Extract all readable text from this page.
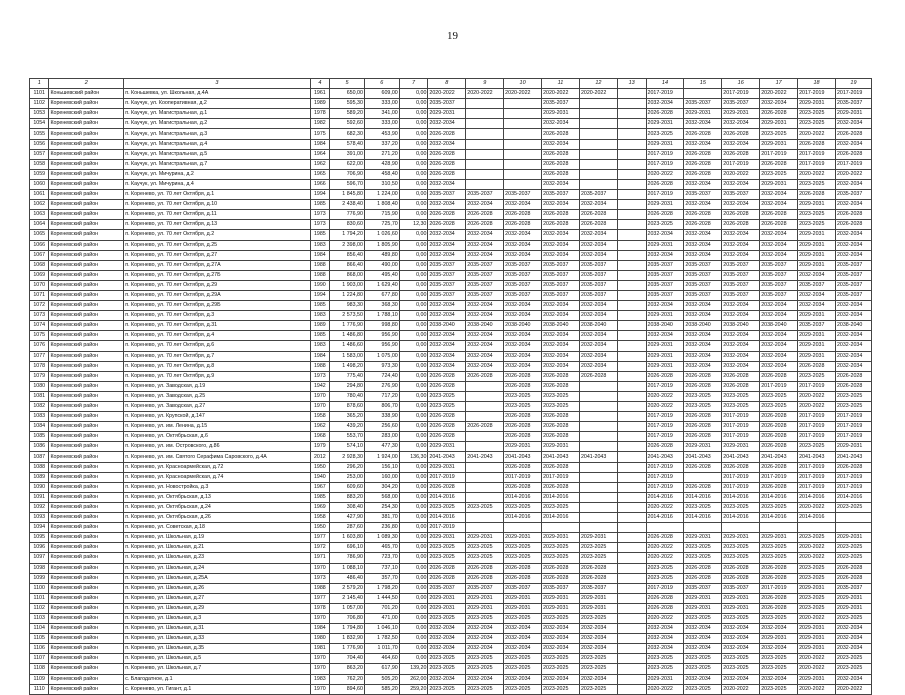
19
1	2	3	4	5	6	7	8	9	10	11	12	13	14	15	16	17	18	19
1101	Коньшевский район	п. Коньшевка, ул. Школьная, д.4А	1961	650,00	609,00	0,00	2020-2022	2020-2022	2020-2022	2020-2022	2020-2022		2017-2019		2017-2019	2020-2022	2017-2019	2017-2019
1102	Кореневский район	п. Каучук, ул. Кооперативная, д.2	1989	595,30	333,00	0,00	2035-2037			2035-2037			2032-2034	2035-2037	2035-2037	2032-2034	2029-2031	2035-2037
1053	Кореневский район	п. Каучук, ул. Магистральная, д.1	1978	589,20	341,00	0,00	2029-2031			2029-2031			2026-2028	2029-2031	2029-2031	2026-2028	2023-2025	2029-2031
1054	Кореневский район	п. Каучук, ул. Магистральная, д.2	1982	592,60	333,00	0,00	2032-2034			2032-2034			2029-2031	2032-2034	2032-2034	2029-2031	2023-2025	2032-2034
1055	Кореневский район	п. Каучук, ул. Магистральная, д.3	1975	682,30	453,90	0,00	2026-2028			2026-2028			2023-2025	2026-2028	2026-2028	2023-2025	2020-2022	2026-2028
1056	Кореневский район	п. Каучук, ул. Магистральная, д.4	1984	578,40	337,20	0,00	2032-2034			2032-2034			2029-2031	2032-2034	2032-2034	2029-2031	2026-2028	2032-2034
1057	Кореневский район	п. Каучук, ул. Магистральная, д.5	1964	391,00	271,20	0,00	2026-2028			2026-2028			2017-2019	2026-2028	2026-2028	2017-2019	2017-2019	2026-2028
1058	Кореневский район	п. Каучук, ул. Магистральная, д.7	1962	622,00	428,90	0,00	2026-2028			2026-2028			2017-2019	2026-2028	2017-2019	2026-2028	2017-2019	2017-2019
1059	Кореневский район	п. Каучук, ул. Мичурина, д.2	1965	706,90	458,40	0,00	2026-2028			2026-2028			2020-2022	2026-2028	2020-2022	2023-2025	2020-2022	2020-2022
1060	Кореневский район	п. Каучук, ул. Мичурина, д.4	1966	596,70	310,50	0,00	2032-2034			2032-2034			2026-2028	2032-2034	2032-2034	2029-2031	2023-2025	2032-2034
1061	Кореневский район	п. Коренево, ул. 70 лет Октября, д.1	1994	1 845,80	1 224,00	0,00	2035-2037	2035-2037	2035-2037	2035-2037	2035-2037		2017-2019	2035-2037	2035-2037	2032-2034	2026-2028	2035-2037
1062	Кореневский район	п. Коренево, ул. 70 лет Октября, д.10	1985	2 438,40	1 808,40	0,00	2032-2034	2032-2034	2032-2034	2032-2034	2032-2034		2029-2031	2032-2034	2032-2034	2032-2034	2029-2031	2032-2034
1063	Кореневский район	п. Коренево, ул. 70 лет Октября, д.11	1973	776,90	715,90	0,00	2026-2028	2026-2028	2026-2028	2026-2028	2026-2028		2026-2028	2026-2028	2026-2028	2026-2028	2023-2025	2026-2028
1064	Кореневский район	п. Коренево, ул. 70 лет Октября, д.13	1973	830,60	725,70	12,30	2026-2028	2026-2028	2026-2028	2026-2028	2026-2028		2023-2025	2026-2028	2026-2028	2026-2028	2023-2025	2026-2028
1065	Кореневский район	п. Коренево, ул. 70 лет Октября, д.2	1985	1 794,20	1 026,60	0,00	2032-2034	2032-2034	2032-2034	2032-2034	2032-2034		2032-2034	2032-2034	2032-2034	2032-2034	2029-2031	2032-2034
1066	Кореневский район	п. Коренево, ул. 70 лет Октября, д.25	1983	2 398,00	1 805,90	0,00	2032-2034	2032-2034	2032-2034	2032-2034	2032-2034		2029-2031	2032-2034	2032-2034	2032-2034	2029-2031	2032-2034
1067	Кореневский район	п. Коренево, ул. 70 лет Октября, д.27	1984	856,40	489,80	0,00	2032-2034	2032-2034	2032-2034	2032-2034	2032-2034		2032-2034	2032-2034	2032-2034	2032-2034	2029-2031	2032-2034
1068	Кореневский район	п. Коренево, ул. 70 лет Октября, д.27А	1988	866,40	490,00	0,00	2035-2037	2035-2037	2035-2037	2035-2037	2035-2037		2035-2037	2035-2037	2035-2037	2035-2037	2029-2031	2035-2037
1069	Кореневский район	п. Коренево, ул. 70 лет Октября, д.27Б	1988	868,00	495,40	0,00	2035-2037	2035-2037	2035-2037	2035-2037	2035-2037		2035-2037	2035-2037	2035-2037	2035-2037	2032-2034	2035-2037
1070	Кореневский район	п. Коренево, ул. 70 лет Октября, д.29	1990	1 903,00	1 629,40	0,00	2035-2037	2035-2037	2035-2037	2035-2037	2035-2037		2035-2037	2035-2037	2035-2037	2035-2037	2035-2037	2035-2037
1071	Кореневский район	п. Коренево, ул. 70 лет Октября, д.29А	1994	1 224,80	677,80	0,00	2035-2037	2035-2037	2035-2037	2035-2037	2035-2037		2035-2037	2035-2037	2035-2037	2035-2037	2032-2034	2035-2037
1072	Кореневский район	п. Коренево, ул. 70 лет Октября, д.29Б	1985	983,30	368,30	0,00	2032-2034	2032-2034	2032-2034	2032-2034	2032-2034		2032-2034	2032-2034	2032-2034	2032-2034	2032-2034	2032-2034
1073	Кореневский район	п. Коренево, ул. 70 лет Октября, д.3	1983	2 573,50	1 788,10	0,00	2032-2034	2032-2034	2032-2034	2032-2034	2032-2034		2029-2031	2032-2034	2032-2034	2032-2034	2029-2031	2032-2034
1074	Кореневский район	п. Коренево, ул. 70 лет Октября, д.31	1989	1 776,90	998,80	0,00	2038-2040	2038-2040	2038-2040	2038-2040	2038-2040		2038-2040	2038-2040	2038-2040	2038-2040	2035-2037	2038-2040
1075	Кореневский район	п. Коренево, ул. 70 лет Октября, д.4	1985	1 486,80	956,90	0,00	2032-2034	2032-2034	2032-2034	2032-2034	2032-2034		2032-2034	2032-2034	2032-2034	2032-2034	2029-2031	2032-2034
1076	Кореневский район	п. Коренево, ул. 70 лет Октября, д.6	1983	1 486,60	956,90	0,00	2032-2034	2032-2034	2032-2034	2032-2034	2032-2034		2029-2031	2032-2034	2032-2034	2032-2034	2029-2031	2032-2034
1077	Кореневский район	п. Коренево, ул. 70 лет Октября, д.7	1984	1 583,00	1 075,00	0,00	2032-2034	2032-2034	2032-2034	2032-2034	2032-2034		2029-2031	2032-2034	2032-2034	2032-2034	2029-2031	2032-2034
1078	Кореневский район	п. Коренево, ул. 70 лет Октября, д.8	1988	1 498,20	973,30	0,00	2032-2034	2032-2034	2032-2034	2032-2034	2032-2034		2029-2031	2032-2034	2032-2034	2032-2034	2026-2028	2032-2034
1079	Кореневский район	п. Коренево, ул. 70 лет Октября, д.9	1973	775,40	724,40	0,00	2026-2028	2026-2028	2026-2028	2026-2028	2026-2028		2026-2028	2026-2028	2026-2028	2026-2028	2023-2025	2026-2028
1080	Кореневский район	п. Коренево, ул. Заводская, д.19	1942	294,80	276,90	0,00	2026-2028		2026-2028	2026-2028			2017-2019	2026-2028	2026-2028	2017-2019	2017-2019	2026-2028
1081	Кореневский район	п. Коренево, ул. Заводская, д.25	1970	780,40	717,20	0,00	2023-2025		2023-2025	2023-2025			2020-2022	2023-2025	2023-2025	2023-2025	2020-2022	2023-2025
1082	Кореневский район	п. Коренево, ул. Заводская, д.27	1970	878,60	806,70	0,00	2023-2025		2023-2025	2023-2025			2020-2022	2023-2025	2023-2025	2023-2025	2020-2022	2023-2025
1083	Кореневский район	п. Коренево, ул. Крупской, д.147	1958	365,20	338,90	0,00	2026-2028		2026-2028	2026-2028			2017-2019	2026-2028	2017-2019	2026-2028	2017-2019	2017-2019
1084	Кореневский район	п. Коренево, ул. им. Ленина, д.15	1962	439,20	256,60	0,00	2026-2028	2026-2028	2026-2028	2026-2028			2017-2019	2026-2028	2017-2019	2026-2028	2017-2019	2017-2019
1085	Кореневский район	п. Коренево, ул. Октябрьская, д.6	1968	553,70	283,00	0,00	2026-2028		2026-2028	2026-2028			2017-2019	2026-2028	2017-2019	2026-2028	2017-2019	2017-2019
1086	Кореневский район	п. Коренево, ул. им. Островского, д.86	1979	574,10	477,30	0,00	2029-2031		2029-2031	2029-2031			2026-2028	2029-2031	2029-2031	2026-2028	2023-2025	2029-2031
1087	Кореневский район	п. Коренево, ул. им. Святого Серафима Саровского, д.4А	2012	2 928,30	1 924,00	136,30	2041-2043	2041-2043	2041-2043	2041-2043	2041-2043		2041-2043	2041-2043	2041-2043	2041-2043	2041-2043	2041-2043
1088	Кореневский район	п. Коренево, ул. Красноармейская, д.72	1950	296,20	156,10	0,00	2029-2031		2026-2028	2026-2028			2017-2019	2026-2028	2026-2028	2026-2028	2017-2019	2026-2028
1089	Кореневский район	п. Коренево, ул. Красноармейская, д.74	1940	253,00	160,00	0,00	2017-2019		2017-2019	2017-2019			2017-2019		2017-2019	2017-2019	2017-2019	2017-2019
1090	Кореневский район	п. Коренево, ул. Новостройка, д.3	1967	609,60	304,20	0,00	2026-2028		2026-2028	2026-2028			2017-2019	2026-2028	2017-2019	2026-2028	2017-2019	2017-2019
1091	Кореневский район	п. Коренево, ул. Октябрьская, д.13	1985	883,20	568,00	0,00	2014-2016		2014-2016	2014-2016			2014-2016	2014-2016	2014-2016	2014-2016	2014-2016	2014-2016
1092	Кореневский район	п. Коренево, ул. Октябрьская, д.24	1969	308,40	254,30	0,00	2023-2025	2023-2025	2023-2025	2023-2025			2020-2022	2023-2025	2023-2025	2023-2025	2020-2022	2023-2025
1093	Кореневский район	п. Коренево, ул. Октябрьская, д.26	1958	427,90	381,70	0,00	2014-2016		2014-2016	2014-2016			2014-2016	2014-2016	2014-2016	2014-2016	2014-2016	
1094	Кореневский район	п. Коренево, ул. Советская, д.18	1950	287,60	236,80	0,00	2017-2019											
1095	Кореневский район	п. Коренево, ул. Школьная, д.19	1977	1 603,80	1 089,30	0,00	2029-2031	2029-2031	2029-2031	2029-2031	2029-2031		2026-2028	2029-2031	2029-2031	2029-2031	2023-2025	2029-2031
1096	Кореневский район	п. Коренево, ул. Школьная, д.21	1972	696,10	465,70	0,00	2023-2025	2023-2025	2023-2025	2023-2025	2023-2025		2020-2022	2023-2025	2023-2025	2023-2025	2020-2022	2023-2025
1097	Кореневский район	п. Коренево, ул. Школьная, д.23	1971	786,90	723,70	0,00	2023-2025	2023-2025	2023-2025	2023-2025	2023-2025		2020-2022	2023-2025	2023-2025	2023-2025	2020-2022	2023-2025
1098	Кореневский район	п. Коренево, ул. Школьная, д.24	1970	1 088,10	737,10	0,00	2026-2028	2026-2028	2026-2028	2026-2028	2026-2028		2023-2025	2026-2028	2026-2028	2026-2028	2023-2025	2026-2028
1099	Кореневский район	п. Коренево, ул. Школьная, д.25А	1973	486,40	357,70	0,00	2026-2028	2026-2028	2026-2028	2026-2028	2026-2028		2023-2025	2026-2028	2026-2028	2026-2028	2023-2025	2026-2028
1100	Кореневский район	п. Коренево, ул. Школьная, д.26	1988	2 579,20	1 798,20	0,00	2035-2037	2035-2037	2035-2037	2035-2037	2035-2037		2017-2019	2035-2037	2035-2037	2017-2019	2029-2031	2035-2037
1101	Кореневский район	п. Коренево, ул. Школьная, д.27	1977	2 145,40	1 444,50	0,00	2029-2031	2029-2031	2029-2031	2029-2031	2029-2031		2026-2028	2029-2031	2029-2031	2026-2028	2023-2025	2029-2031
1102	Кореневский район	п. Коренево, ул. Школьная, д.29	1978	1 057,00	701,20	0,00	2029-2031	2029-2031	2029-2031	2029-2031	2029-2031		2026-2028	2029-2031	2029-2031	2026-2028	2023-2025	2029-2031
1103	Кореневский район	п. Коренево, ул. Школьная, д.3	1970	706,80	471,00	0,00	2023-2025	2023-2025	2023-2025	2023-2025	2023-2025		2020-2022	2023-2025	2023-2025	2023-2025	2020-2022	2023-2025
1104	Кореневский район	п. Коренево, ул. Школьная, д.31	1984	1 794,80	1 046,10	0,00	2032-2034	2032-2034	2032-2034	2032-2034	2032-2034		2032-2034	2032-2034	2032-2034	2032-2034	2029-2031	2032-2034
1105	Кореневский район	п. Коренево, ул. Школьная, д.33	1980	1 832,90	1 782,50	0,00	2032-2034	2032-2034	2032-2034	2032-2034	2032-2034		2032-2034	2032-2034	2032-2034	2029-2031	2029-2031	2032-2034
1106	Кореневский район	п. Коренево, ул. Школьная, д.35	1981	1 776,90	1 011,70	0,00	2032-2034	2032-2034	2032-2034	2032-2034	2032-2034		2032-2034	2032-2034	2032-2034	2032-2034	2029-2031	2032-2034
1107	Кореневский район	п. Коренево, ул. Школьная, д.5	1970	704,40	464,60	0,00	2023-2025	2023-2025	2023-2025	2023-2025	2023-2025		2023-2025	2023-2025	2023-2025	2023-2025	2020-2022	2023-2025
1108	Кореневский район	п. Коренево, ул. Школьная, д.7	1970	863,20	617,90	139,20	2023-2025	2023-2025	2023-2025	2023-2025	2023-2025		2023-2025	2023-2025	2023-2025	2023-2025	2020-2022	2023-2025
1109	Кореневский район	с. Благодатное, д.1	1983	762,20	505,20	262,00	2032-2034	2032-2034	2032-2034	2032-2034	2032-2034		2029-2031	2032-2034	2032-2034	2032-2034	2029-2031	2032-2034
1110	Кореневский район	с. Коренево, ул. Гигант, д.1	1970	894,60	585,20	259,20	2023-2025	2023-2025	2023-2025	2023-2025	2023-2025		2020-2022	2023-2025	2020-2022	2023-2025	2020-2022	2020-2022
